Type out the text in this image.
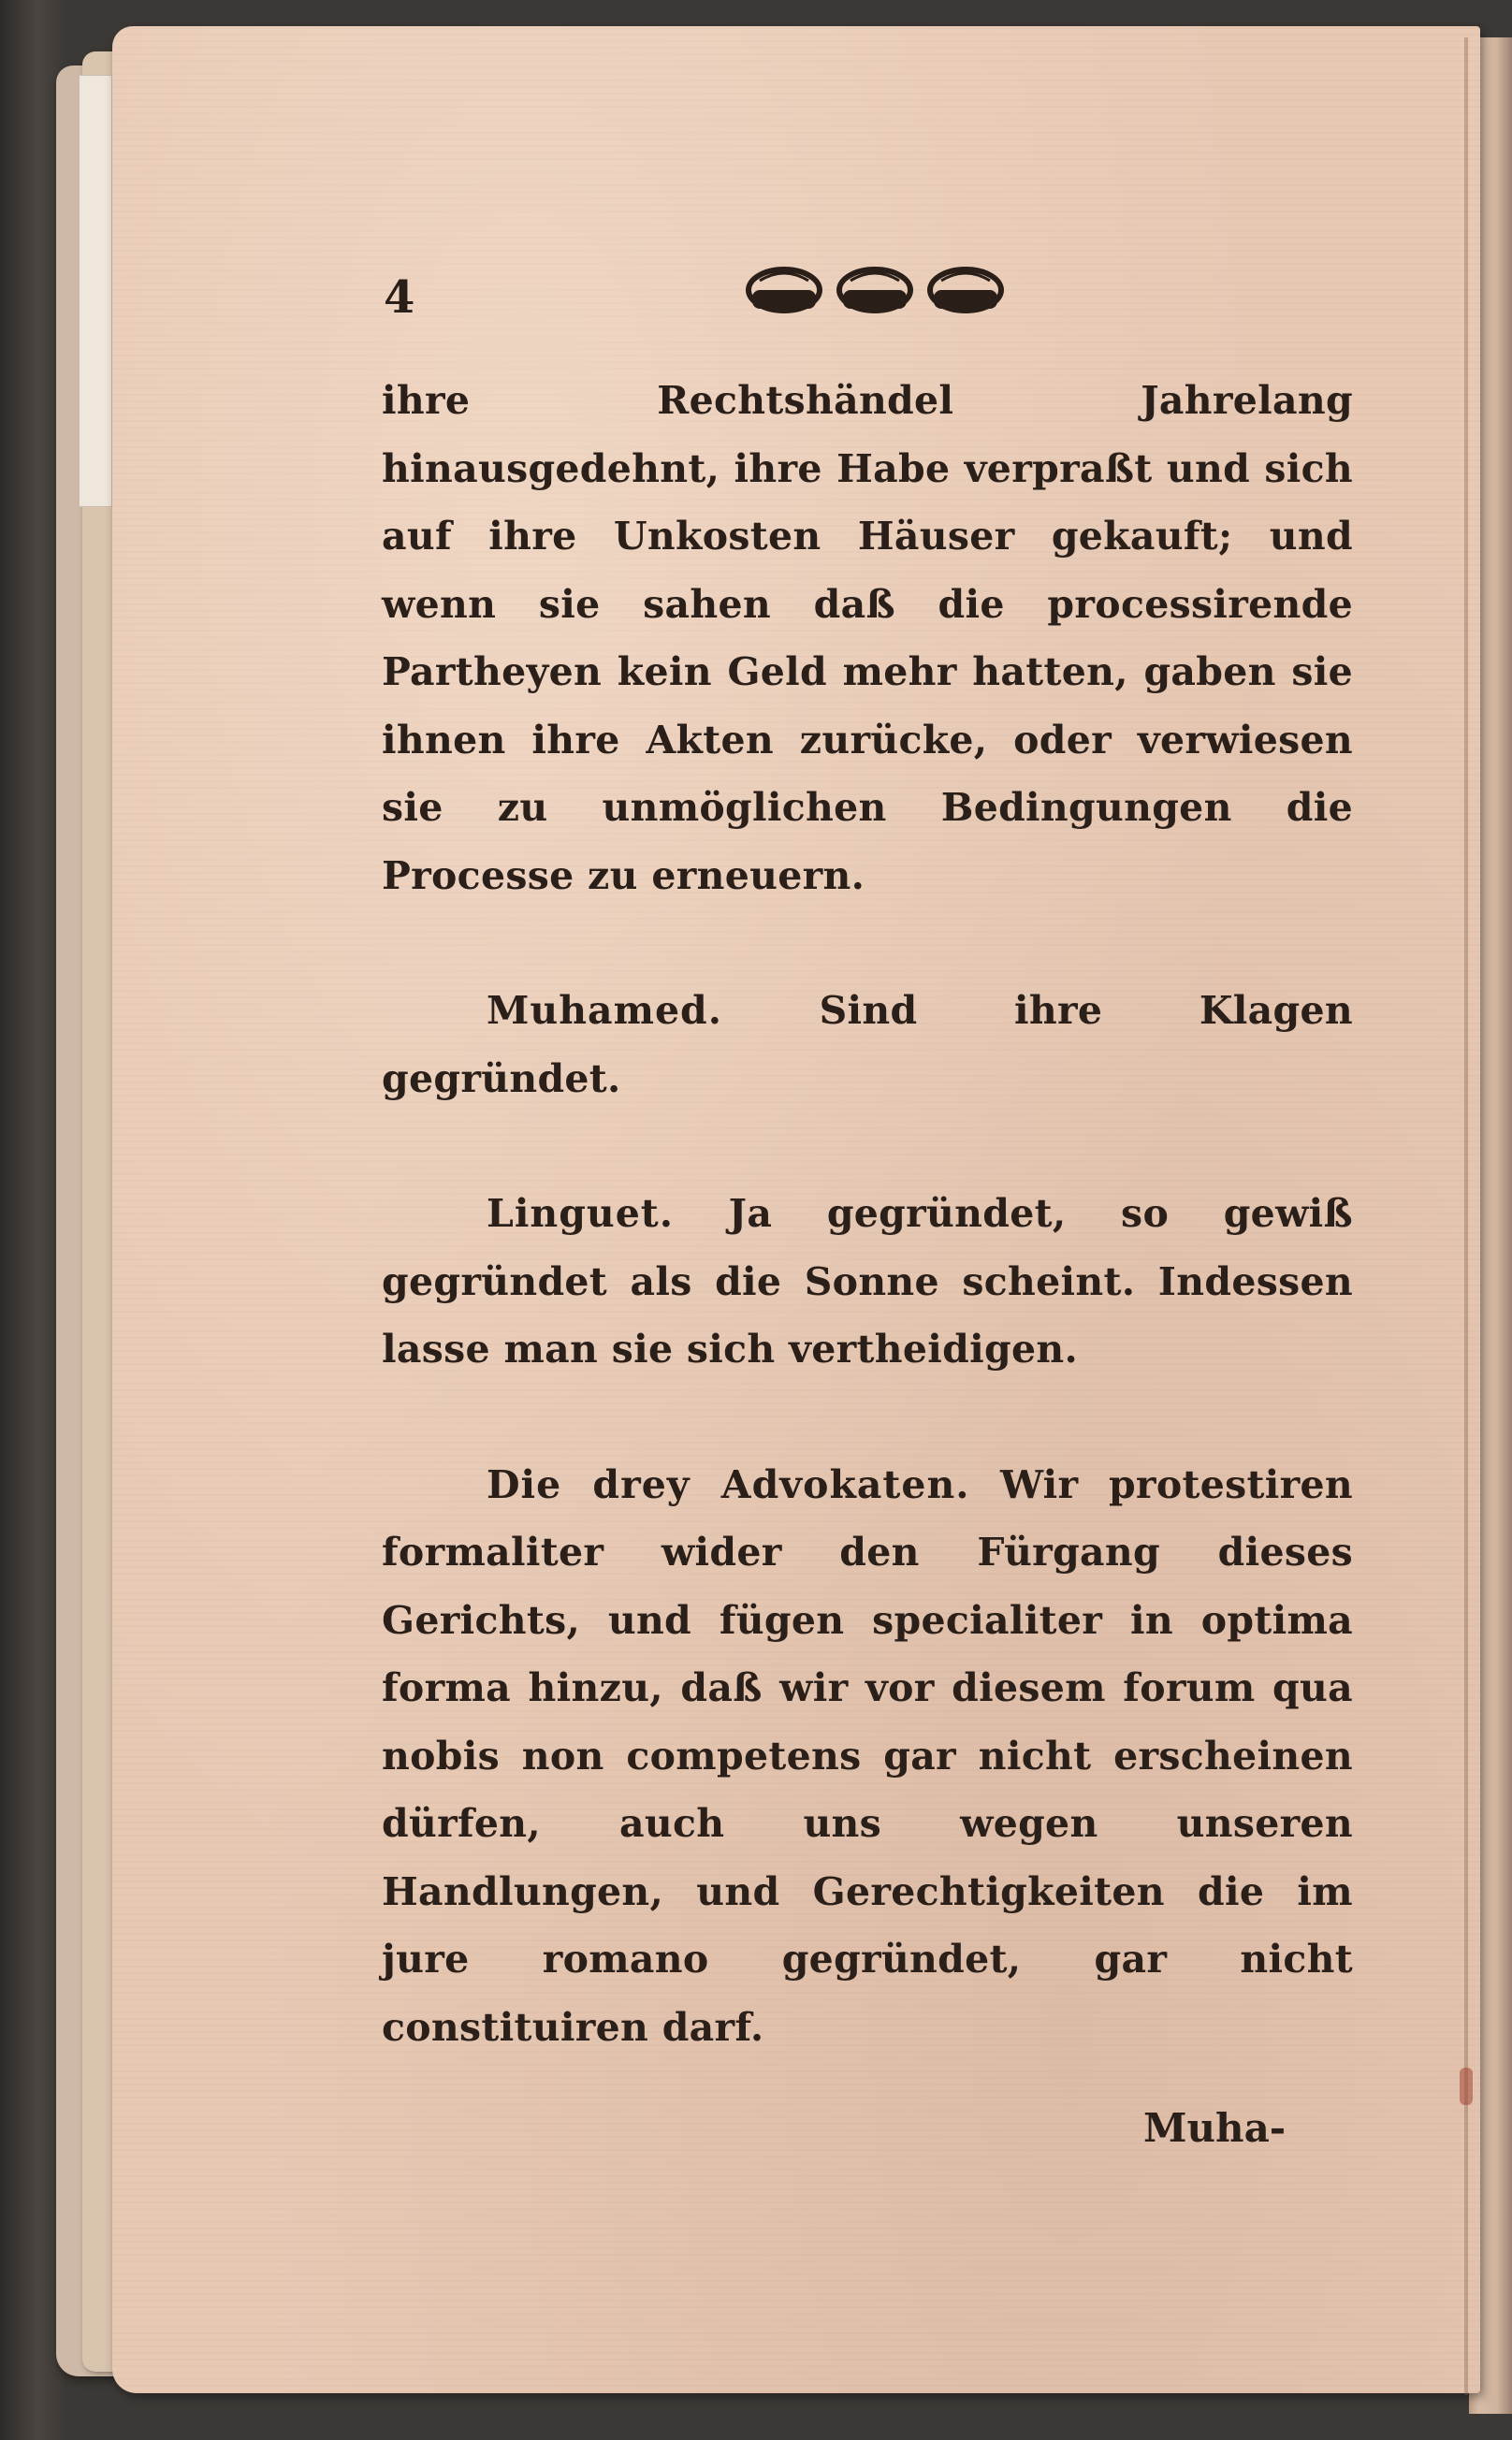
4

ihre Rechtshändel Jahrelang hinausgedehnt, ihre Habe verpraßt und sich auf ihre Unkosten Häuser gekauft; und wenn sie sahen daß die processirende Partheyen kein Geld mehr hatten, gaben sie ihnen ihre Akten zurücke, oder verwiesen sie zu unmöglichen Bedingungen die Processe zu erneuern.

Muhamed. Sind ihre Klagen gegründet.

Linguet. Ja gegründet, so gewiß gegründet als die Sonne scheint. Indessen lasse man sie sich vertheidigen.

Die drey Advokaten. Wir protestiren formaliter wider den Fürgang dieses Gerichts, und fügen specialiter in optima forma hinzu, daß wir vor diesem forum qua nobis non competens gar nicht erscheinen dürfen, auch uns wegen unseren Handlungen, und Gerechtigkeiten die im jure romano gegründet, gar nicht constituiren darf.

Muha-
